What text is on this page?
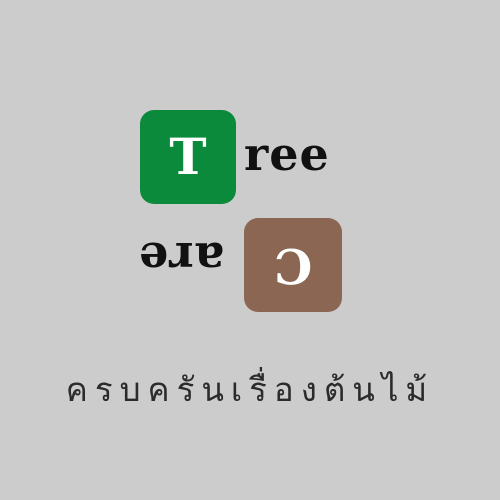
T ree
C
are
ครบครันเรื่องต้นไม้
